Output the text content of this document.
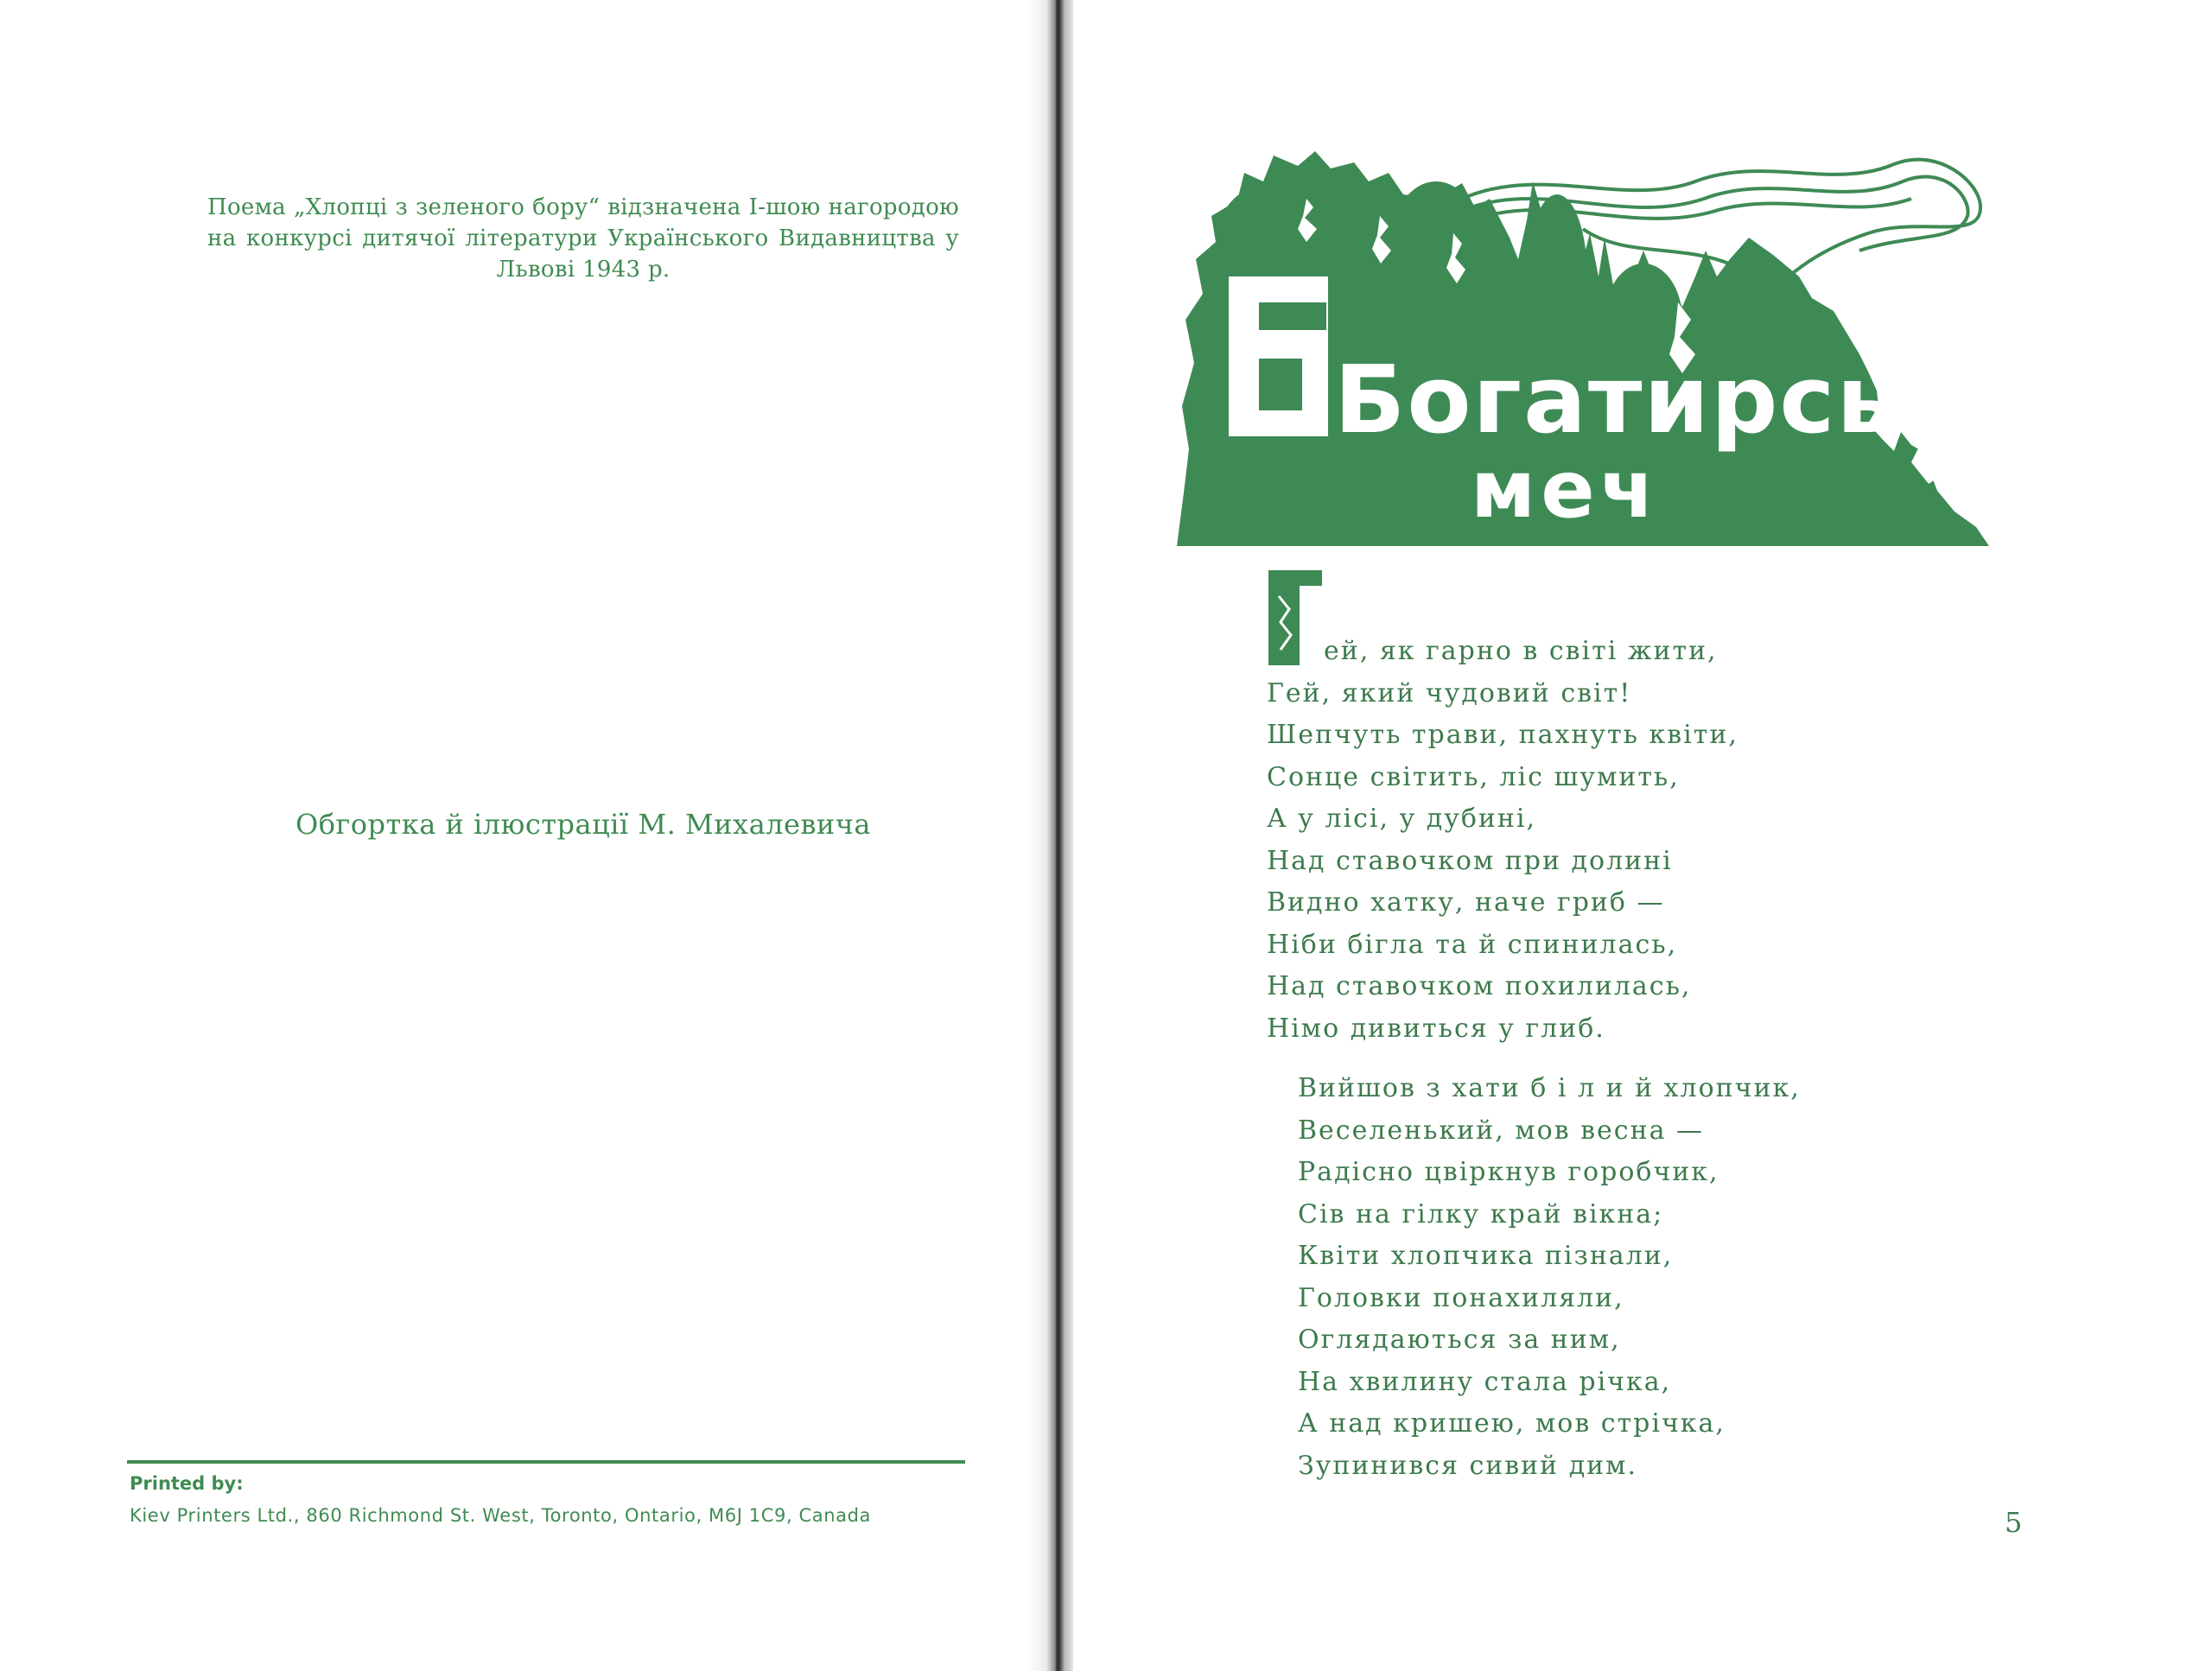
Поема „Хлопці з зеленого бору“ відзначена І-шою нагородою на конкурсі дитячої літератури Українського Видавництва у Львові 1943 р.

Обгортка й ілюстрації М. Михалевича
Printed by:
Kiev Printers Ltd., 860 Richmond St. West, Toronto, Ontario, M6J 1C9, Canada
Богатирський
меч
ей, як гарно в світі жити,
Гей, який чудовий світ!
Шепчуть трави, пахнуть квіти,
Сонце світить, ліс шумить,
А у лісі, у дубині,
Над ставочком при долині
Видно хатку, наче гриб —
Ніби бігла та й спинилась,
Над ставочком похилилась,
Німо дивиться у глиб.
Вийшов з хати б і л и й хлопчик,
Веселенький, мов весна —
Радісно цвіркнув горобчик,
Сів на гілку край вікна;
Квіти хлопчика пізнали,
Головки понахиляли,
Оглядаються за ним,
На хвилину стала річка,
А над кришею, мов стрічка,
Зупинився сивий дим.
5
